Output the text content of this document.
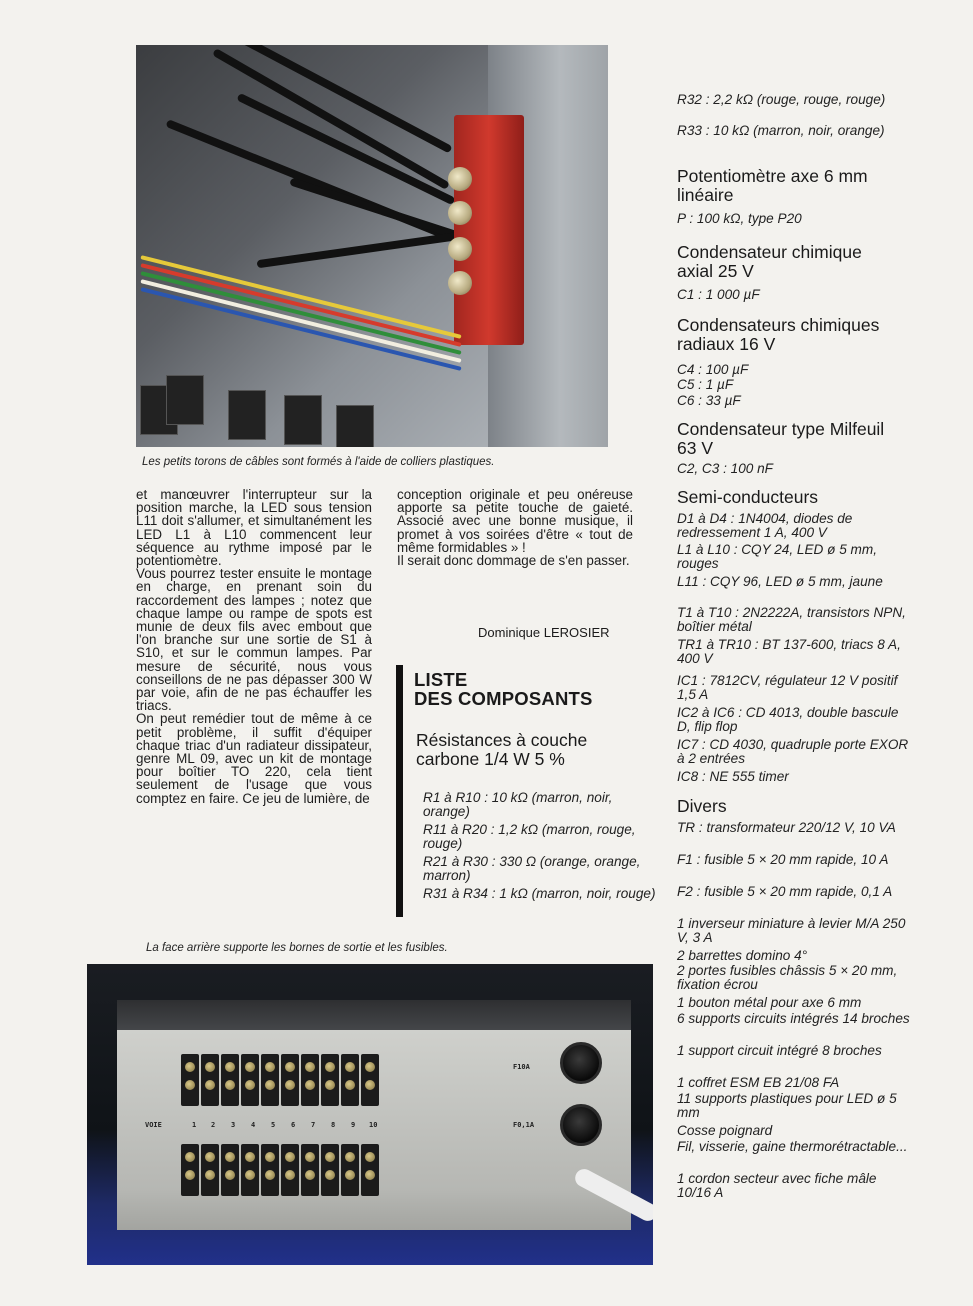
Les petits torons de câbles sont formés à l'aide de colliers plastiques.

et manœuvrer l'interrupteur sur la position marche, la LED sous tension L11 doit s'allumer, et simultanément les LED L1 à L10 commencent leur séquence au rythme imposé par le potentiomètre.

Vous pourrez tester ensuite le montage en charge, en prenant soin du raccordement des lampes ; notez que chaque lampe ou rampe de spots est munie de deux fils avec embout que l'on branche sur une sortie de S1 à S10, et sur le commun lampes. Par mesure de sécurité, nous vous conseillons de ne pas dépasser 300 W par voie, afin de ne pas échauffer les triacs.

On peut remédier tout de même à ce petit problème, il suffit d'équiper chaque triac d'un radiateur dissipateur, genre ML 09, avec un kit de montage pour boîtier TO 220, cela tient seulement de l'usage que vous comptez en faire. Ce jeu de lumière, de

conception originale et peu onéreuse apporte sa petite touche de gaieté. Associé avec une bonne musique, il promet à vos soirées d'être « tout de même formidables » !

Il serait donc dommage de s'en passer.

Dominique LEROSIER
LISTE
DES COMPOSANTS
Résistances à couche
carbone 1/4 W 5 %
R1 à R10 : 10 kΩ (marron, noir, orange)
R11 à R20 : 1,2 kΩ (marron, rouge, rouge)
R21 à R30 : 330 Ω (orange, orange, marron)
R31 à R34 : 1 kΩ (marron, noir, rouge)
R32 : 2,2 kΩ (rouge, rouge, rouge)
R33 : 10 kΩ (marron, noir, orange)
Potentiomètre axe 6 mm
linéaire
P : 100 kΩ, type P20
Condensateur chimique
axial 25 V
C1 : 1 000 µF
Condensateurs chimiques
radiaux 16 V
C4 : 100 µF
C5 : 1 µF
C6 : 33 µF
Condensateur type Milfeuil
63 V
C2, C3 : 100 nF
Semi-conducteurs
D1 à D4 : 1N4004, diodes de redressement 1 A, 400 V
L1 à L10 : CQY 24, LED ø 5 mm, rouges
L11 : CQY 96, LED ø 5 mm, jaune
T1 à T10 : 2N2222A, transistors NPN, boîtier métal
TR1 à TR10 : BT 137-600, triacs 8 A, 400 V
IC1 : 7812CV, régulateur 12 V positif 1,5 A
IC2 à IC6 : CD 4013, double bascule D, flip flop
IC7 : CD 4030, quadruple porte EXOR à 2 entrées
IC8 : NE 555 timer
Divers
TR : transformateur 220/12 V, 10 VA
F1 : fusible 5 × 20 mm rapide, 10 A
F2 : fusible 5 × 20 mm rapide, 0,1 A
1 inverseur miniature à levier M/A 250 V, 3 A
2 barrettes domino 4°
2 portes fusibles châssis 5 × 20 mm, fixation écrou
1 bouton métal pour axe 6 mm
6 supports circuits intégrés 14 broches
1 support circuit intégré 8 broches
1 coffret ESM EB 21/08 FA
11 supports plastiques pour LED ø 5 mm
Cosse poignard
Fil, visserie, gaine thermorétractable...
1 cordon secteur avec fiche mâle 10/16 A
La face arrière supporte les bornes de sortie et les fusibles.
VOIE	1 2 3 4 5 6 7 8 9 10
F10A
F0,1A
